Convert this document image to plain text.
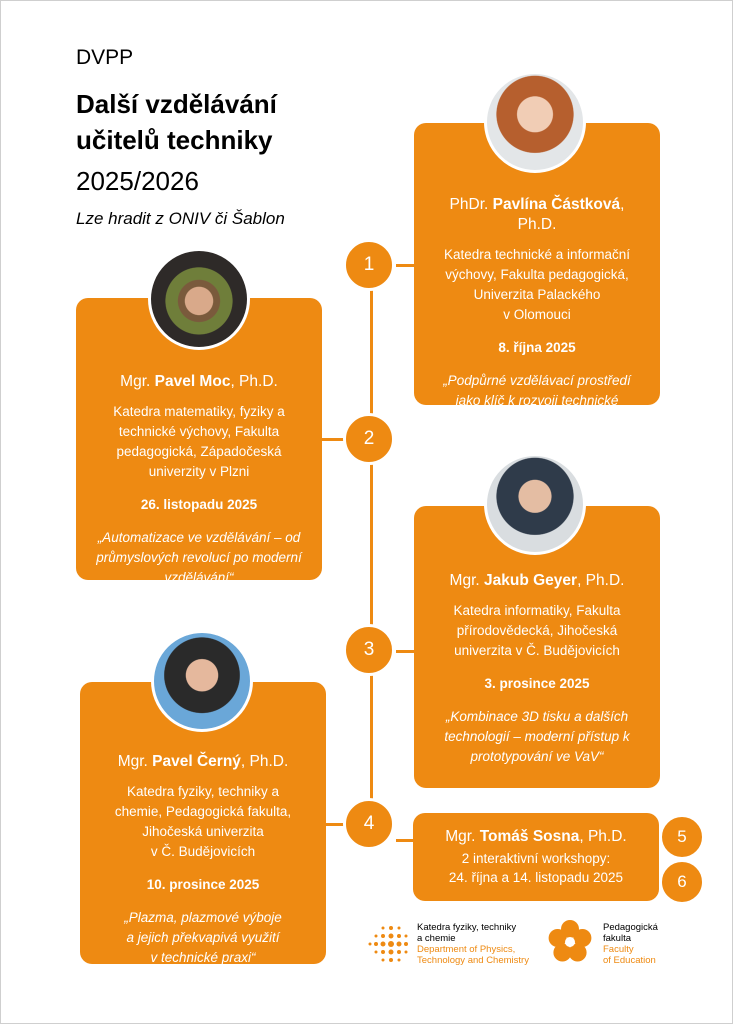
DVPP
Další vzdělávání
učitelů techniky
2025/2026
Lze hradit z ONIV či Šablon
1
2
3
4
PhDr. Pavlína Částková, Ph.D.
Katedra technické a informační
výchovy, Fakulta pedagogická,
Univerzita Palackého
v Olomouci
8. října 2025
„Podpůrné vzdělávací prostředí
jako klíč k rozvoji technické
tvořivosti žáků“
Mgr. Pavel Moc, Ph.D.
Katedra matematiky, fyziky a
technické výchovy, Fakulta
pedagogická, Západočeská
univerzity v Plzni
26. listopadu 2025
„Automatizace ve vzdělávání – od
průmyslových revolucí po moderní
vzdělávání“	Mgr. Jakub Geyer, Ph.D.
Katedra informatiky, Fakulta
přírodovědecká, Jihočeská
univerzita v Č. Budějovicích
3. prosince 2025
„Kombinace 3D tisku a dalších
technologií – moderní přístup k
prototypování ve VaV“
Mgr. Pavel Černý, Ph.D.
Katedra fyziky, techniky a
chemie, Pedagogická fakulta,
Jihočeská univerzita
v Č. Budějovicích
10. prosince 2025
„Plazma, plazmové výboje
a jejich překvapivá využití
v technické praxi“
Mgr. Tomáš Sosna, Ph.D.
2 interaktivní workshopy:
24. října a 14. listopadu 2025
5
6
Katedra fyziky, techniky
a chemie
Department of Physics,
Technology and Chemistry
Pedagogická
fakulta
Faculty
of Education
